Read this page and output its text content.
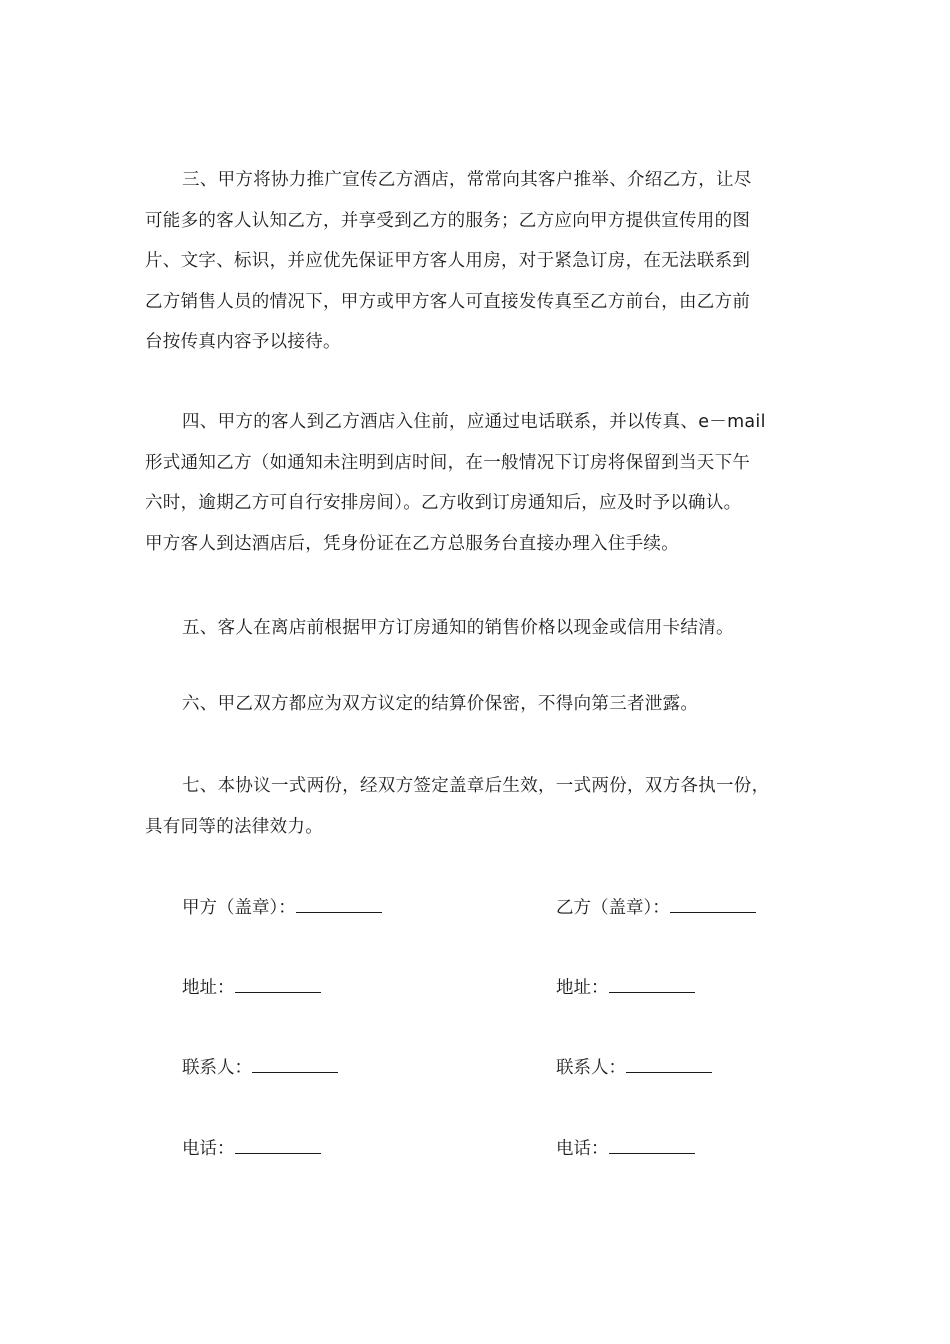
三、甲方将协力推广宣传乙方酒店，常常向其客户推举、介绍乙方，让尽
可能多的客人认知乙方，并享受到乙方的服务；乙方应向甲方提供宣传用的图
片、文字、标识，并应优先保证甲方客人用房，对于紧急订房，在无法联系到
乙方销售人员的情况下，甲方或甲方客人可直接发传真至乙方前台，由乙方前
台按传真内容予以接待。
四、甲方的客人到乙方酒店入住前，应通过电话联系，并以传真、e－mail
形式通知乙方（如通知未注明到店时间，在一般情况下订房将保留到当天下午
六时，逾期乙方可自行安排房间）。乙方收到订房通知后，应及时予以确认。
甲方客人到达酒店后，凭身份证在乙方总服务台直接办理入住手续。
五、客人在离店前根据甲方订房通知的销售价格以现金或信用卡结清。
六、甲乙双方都应为双方议定的结算价保密，不得向第三者泄露。
七、本协议一式两份，经双方签定盖章后生效，一式两份，双方各执一份，
具有同等的法律效力。
甲方（盖章）：
地址：
联系人：
电话：
乙方（盖章）：
地址：
联系人：
电话：
